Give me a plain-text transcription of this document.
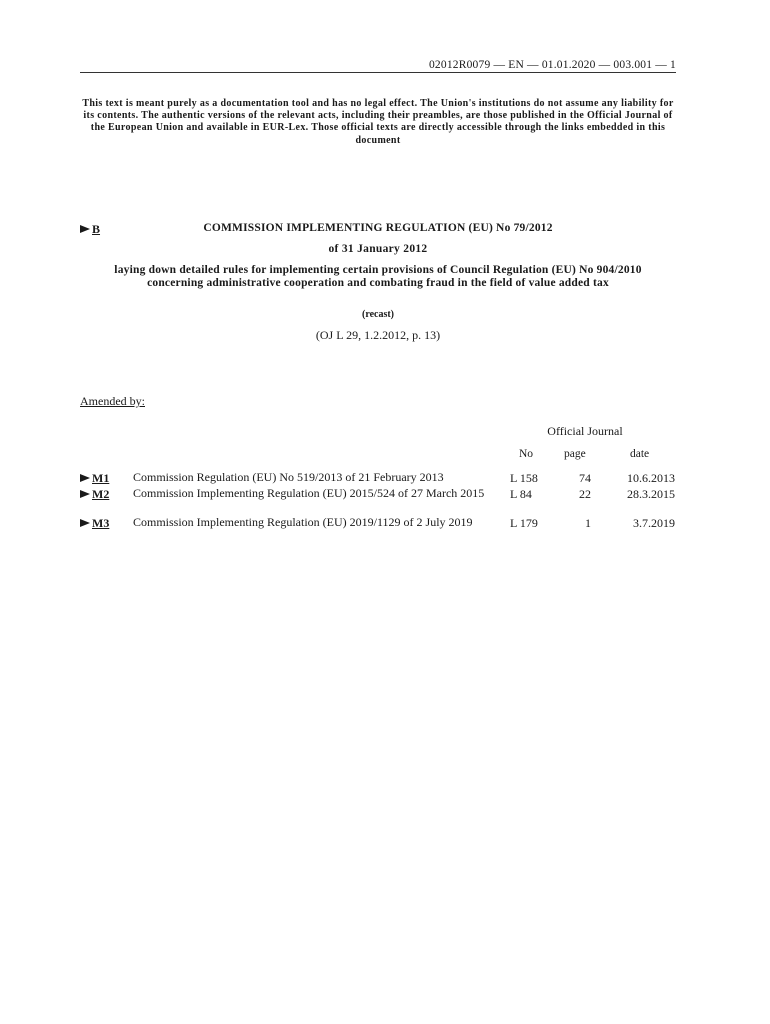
02012R0079 — EN — 01.01.2020 — 003.001 — 1
This text is meant purely as a documentation tool and has no legal effect. The Union's institutions do not assume any liability for its contents. The authentic versions of the relevant acts, including their preambles, are those published in the Official Journal of the European Union and available in EUR-Lex. Those official texts are directly accessible through the links embedded in this document
B	COMMISSION IMPLEMENTING REGULATION (EU) No 79/2012
of 31 January 2012
laying down detailed rules for implementing certain provisions of Council Regulation (EU) No 904/2010 concerning administrative cooperation and combating fraud in the field of value added tax
(recast)
(OJ L 29, 1.2.2012, p. 13)
Amended by:
Official Journal
No	page	date
M1 Commission Regulation (EU) No 519/2013 of 21 February 2013	L 158	74	10.6.2013
M2 Commission Implementing Regulation (EU) 2015/524 of 27 March 2015	L 84	22	28.3.2015
M3 Commission Implementing Regulation (EU) 2019/1129 of 2 July 2019	L 179	1	3.7.2019
